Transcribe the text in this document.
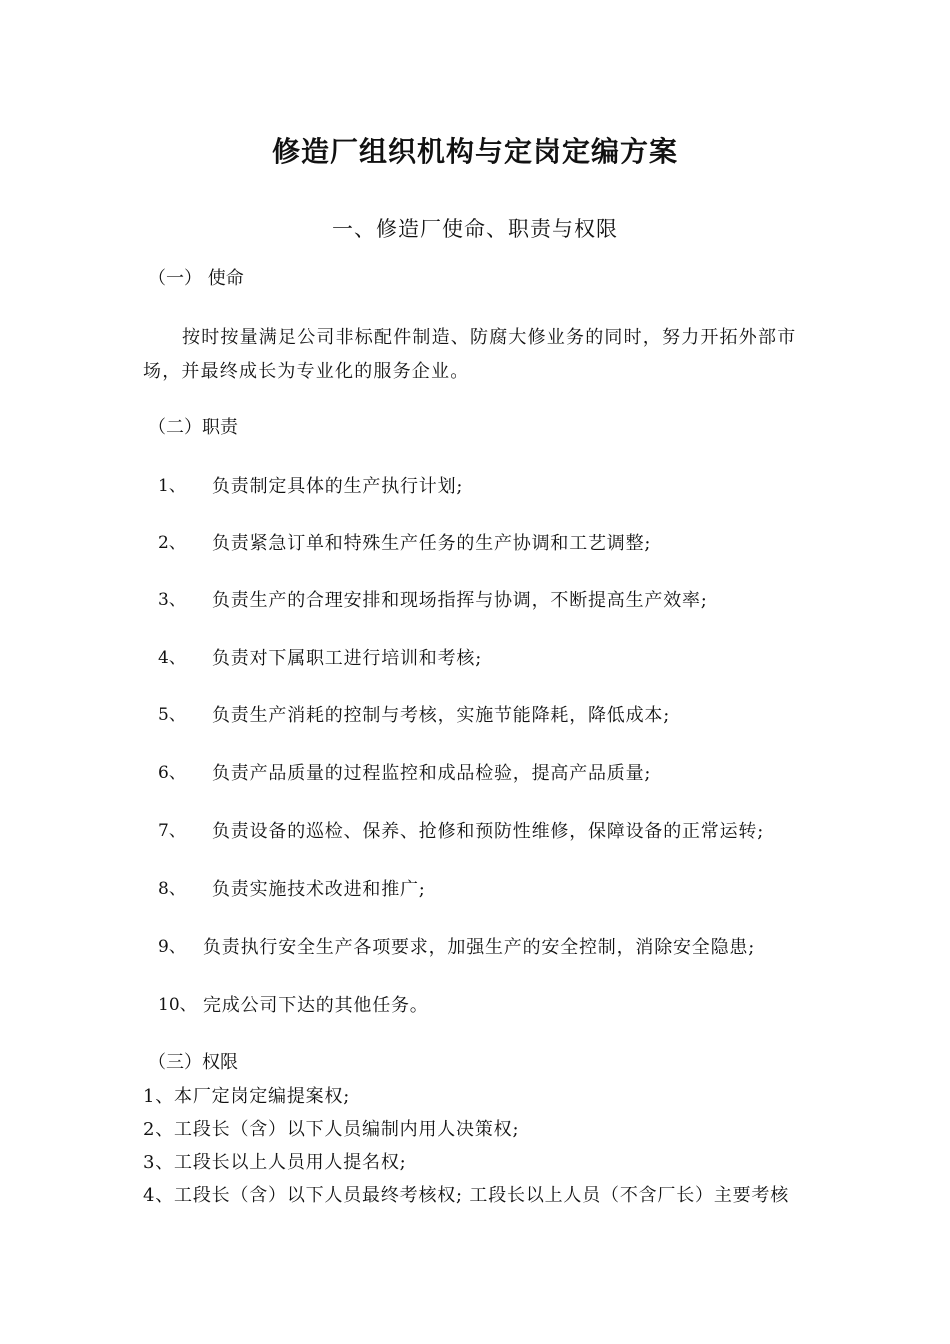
修造厂组织机构与定岗定编方案
一、修造厂使命、职责与权限
（一） 使命
按时按量满足公司非标配件制造、防腐大修业务的同时，努力开拓外部市
场，并最终成长为专业化的服务企业。
（二）职责
1、 负责制定具体的生产执行计划;
2、 负责紧急订单和特殊生产任务的生产协调和工艺调整;
3、 负责生产的合理安排和现场指挥与协调，不断提高生产效率;
4、 负责对下属职工进行培训和考核;
5、 负责生产消耗的控制与考核，实施节能降耗，降低成本;
6、 负责产品质量的过程监控和成品检验，提高产品质量;
7、 负责设备的巡检、保养、抢修和预防性维修，保障设备的正常运转;
8、 负责实施技术改进和推广;
9、 负责执行安全生产各项要求，加强生产的安全控制，消除安全隐患;
10、 完成公司下达的其他任务。
（三）权限
1、本厂定岗定编提案权;
2、工段长（含）以下人员编制内用人决策权;
3、工段长以上人员用人提名权;
4、工段长（含）以下人员最终考核权; 工段长以上人员（不含厂长）主要考核
